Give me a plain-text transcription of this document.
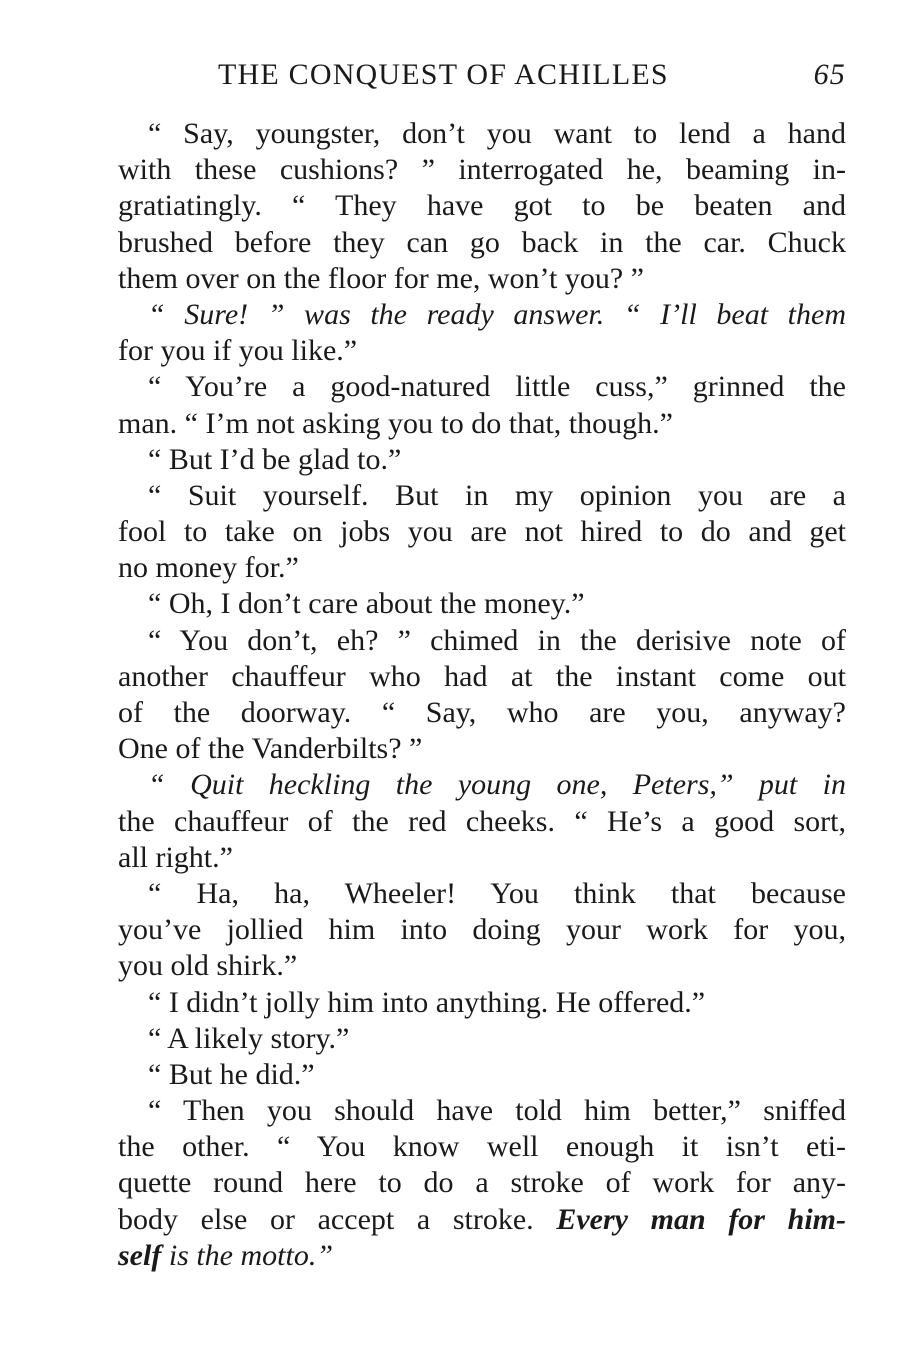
THE CONQUEST OF ACHILLES	65
“ Say, youngster, don’t you want to lend a hand
with these cushions? ” interrogated he, beaming in-
gratiatingly. “ They have got to be beaten and
brushed before they can go back in the car. Chuck
them over on the floor for me, won’t you? ”
“ Sure! ” was the ready answer. “ I’ll beat them
for you if you like.”
“ You’re a good-natured little cuss,” grinned the
man. “ I’m not asking you to do that, though.”
“ But I’d be glad to.”
“ Suit yourself. But in my opinion you are a
fool to take on jobs you are not hired to do and get
no money for.”
“ Oh, I don’t care about the money.”
“ You don’t, eh? ” chimed in the derisive note of
another chauffeur who had at the instant come out
of the doorway. “ Say, who are you, anyway?
One of the Vanderbilts? ”
“ Quit heckling the young one, Peters,” put in
the chauffeur of the red cheeks. “ He’s a good sort,
all right.”
“ Ha, ha, Wheeler! You think that because
you’ve jollied him into doing your work for you,
you old shirk.”
“ I didn’t jolly him into anything. He offered.”
“ A likely story.”
“ But he did.”
“ Then you should have told him better,” sniffed
the other. “ You know well enough it isn’t eti-
quette round here to do a stroke of work for any-
body else or accept a stroke. Every man for him-
self is the motto.”
